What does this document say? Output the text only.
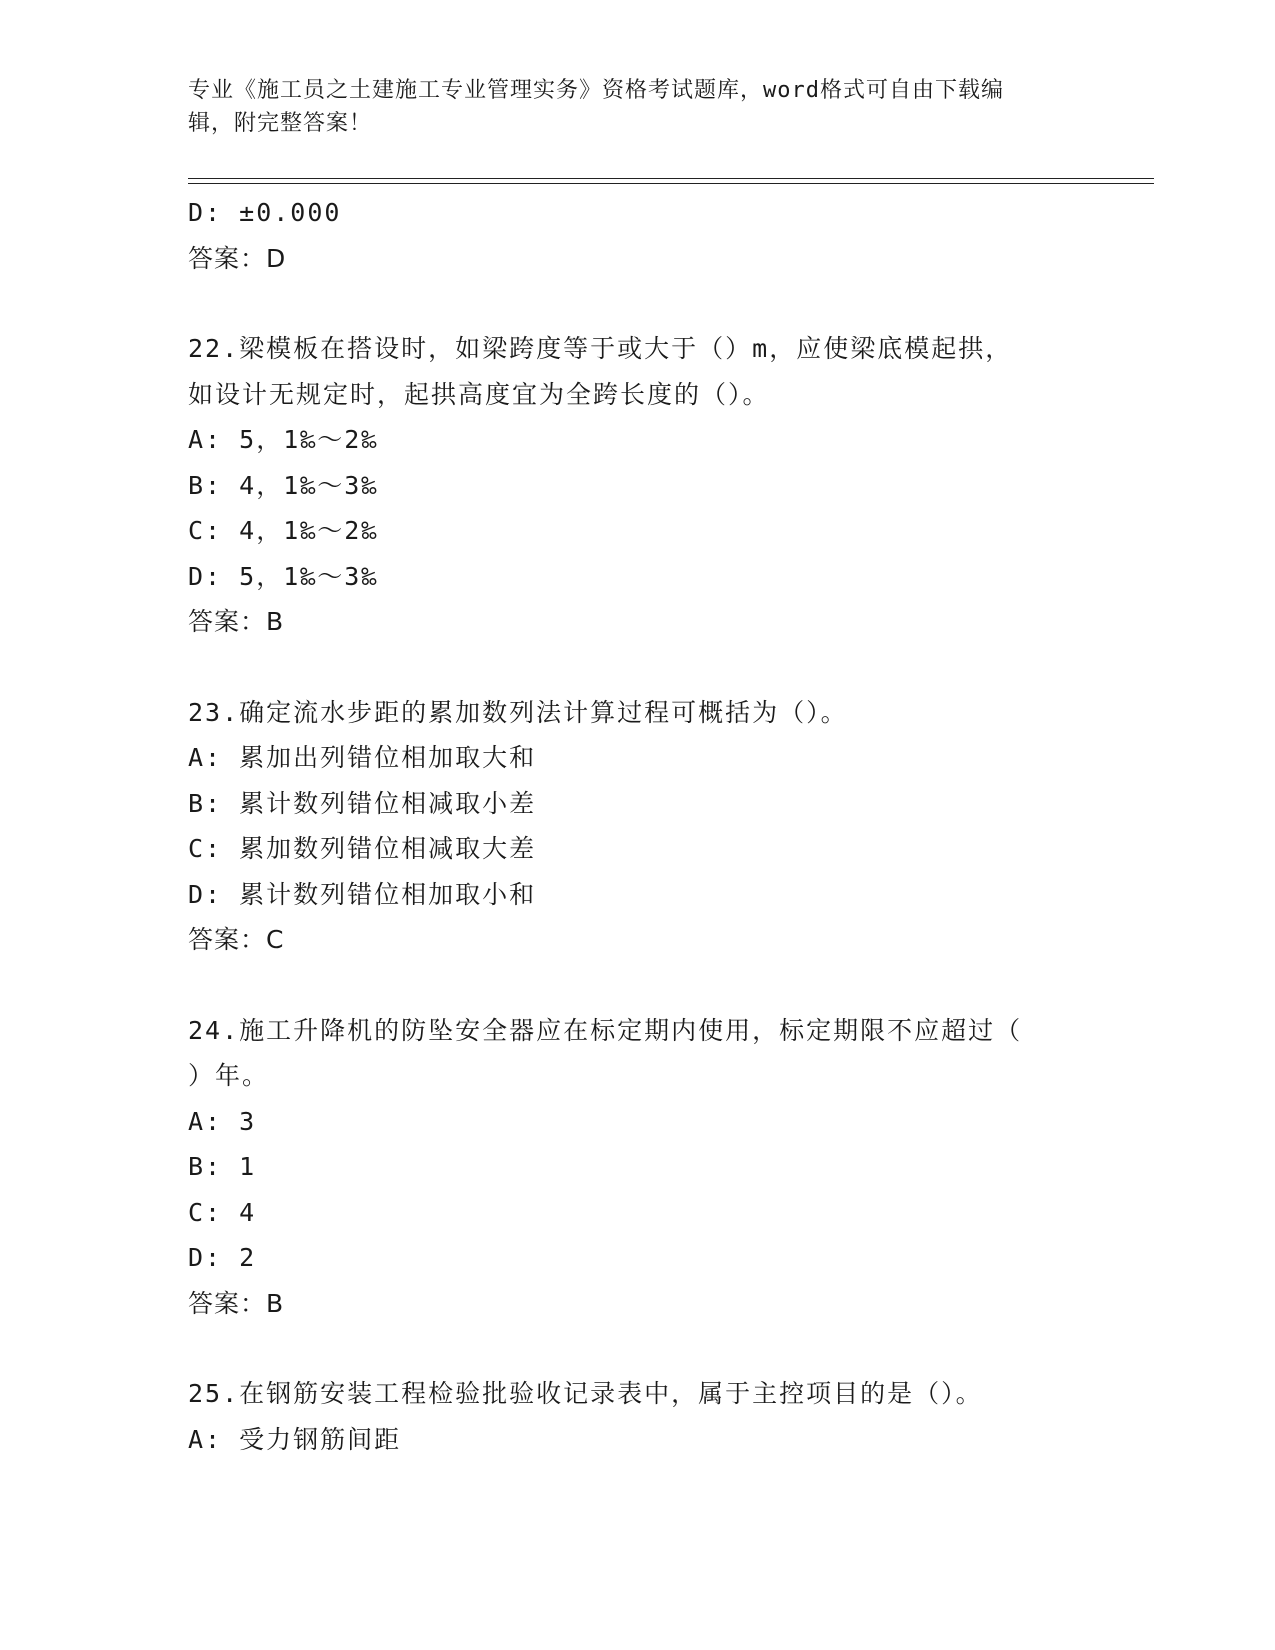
专业《施工员之土建施工专业管理实务》资格考试题库，word格式可自由下载编
辑，附完整答案！
D: ±0.000
答案：D
22.梁模板在搭设时，如梁跨度等于或大于（）m，应使梁底模起拱，
如设计无规定时，起拱高度宜为全跨长度的（）。
A: 5，1‰～2‰
B: 4，1‰～3‰
C: 4，1‰～2‰
D: 5，1‰～3‰
答案：B
23.确定流水步距的累加数列法计算过程可概括为（）。
A: 累加出列错位相加取大和
B: 累计数列错位相减取小差
C: 累加数列错位相减取大差
D: 累计数列错位相加取小和
答案：C
24.施工升降机的防坠安全器应在标定期内使用，标定期限不应超过（
）年。
A: 3
B: 1
C: 4
D: 2
答案：B
25.在钢筋安装工程检验批验收记录表中，属于主控项目的是（）。
A: 受力钢筋间距
